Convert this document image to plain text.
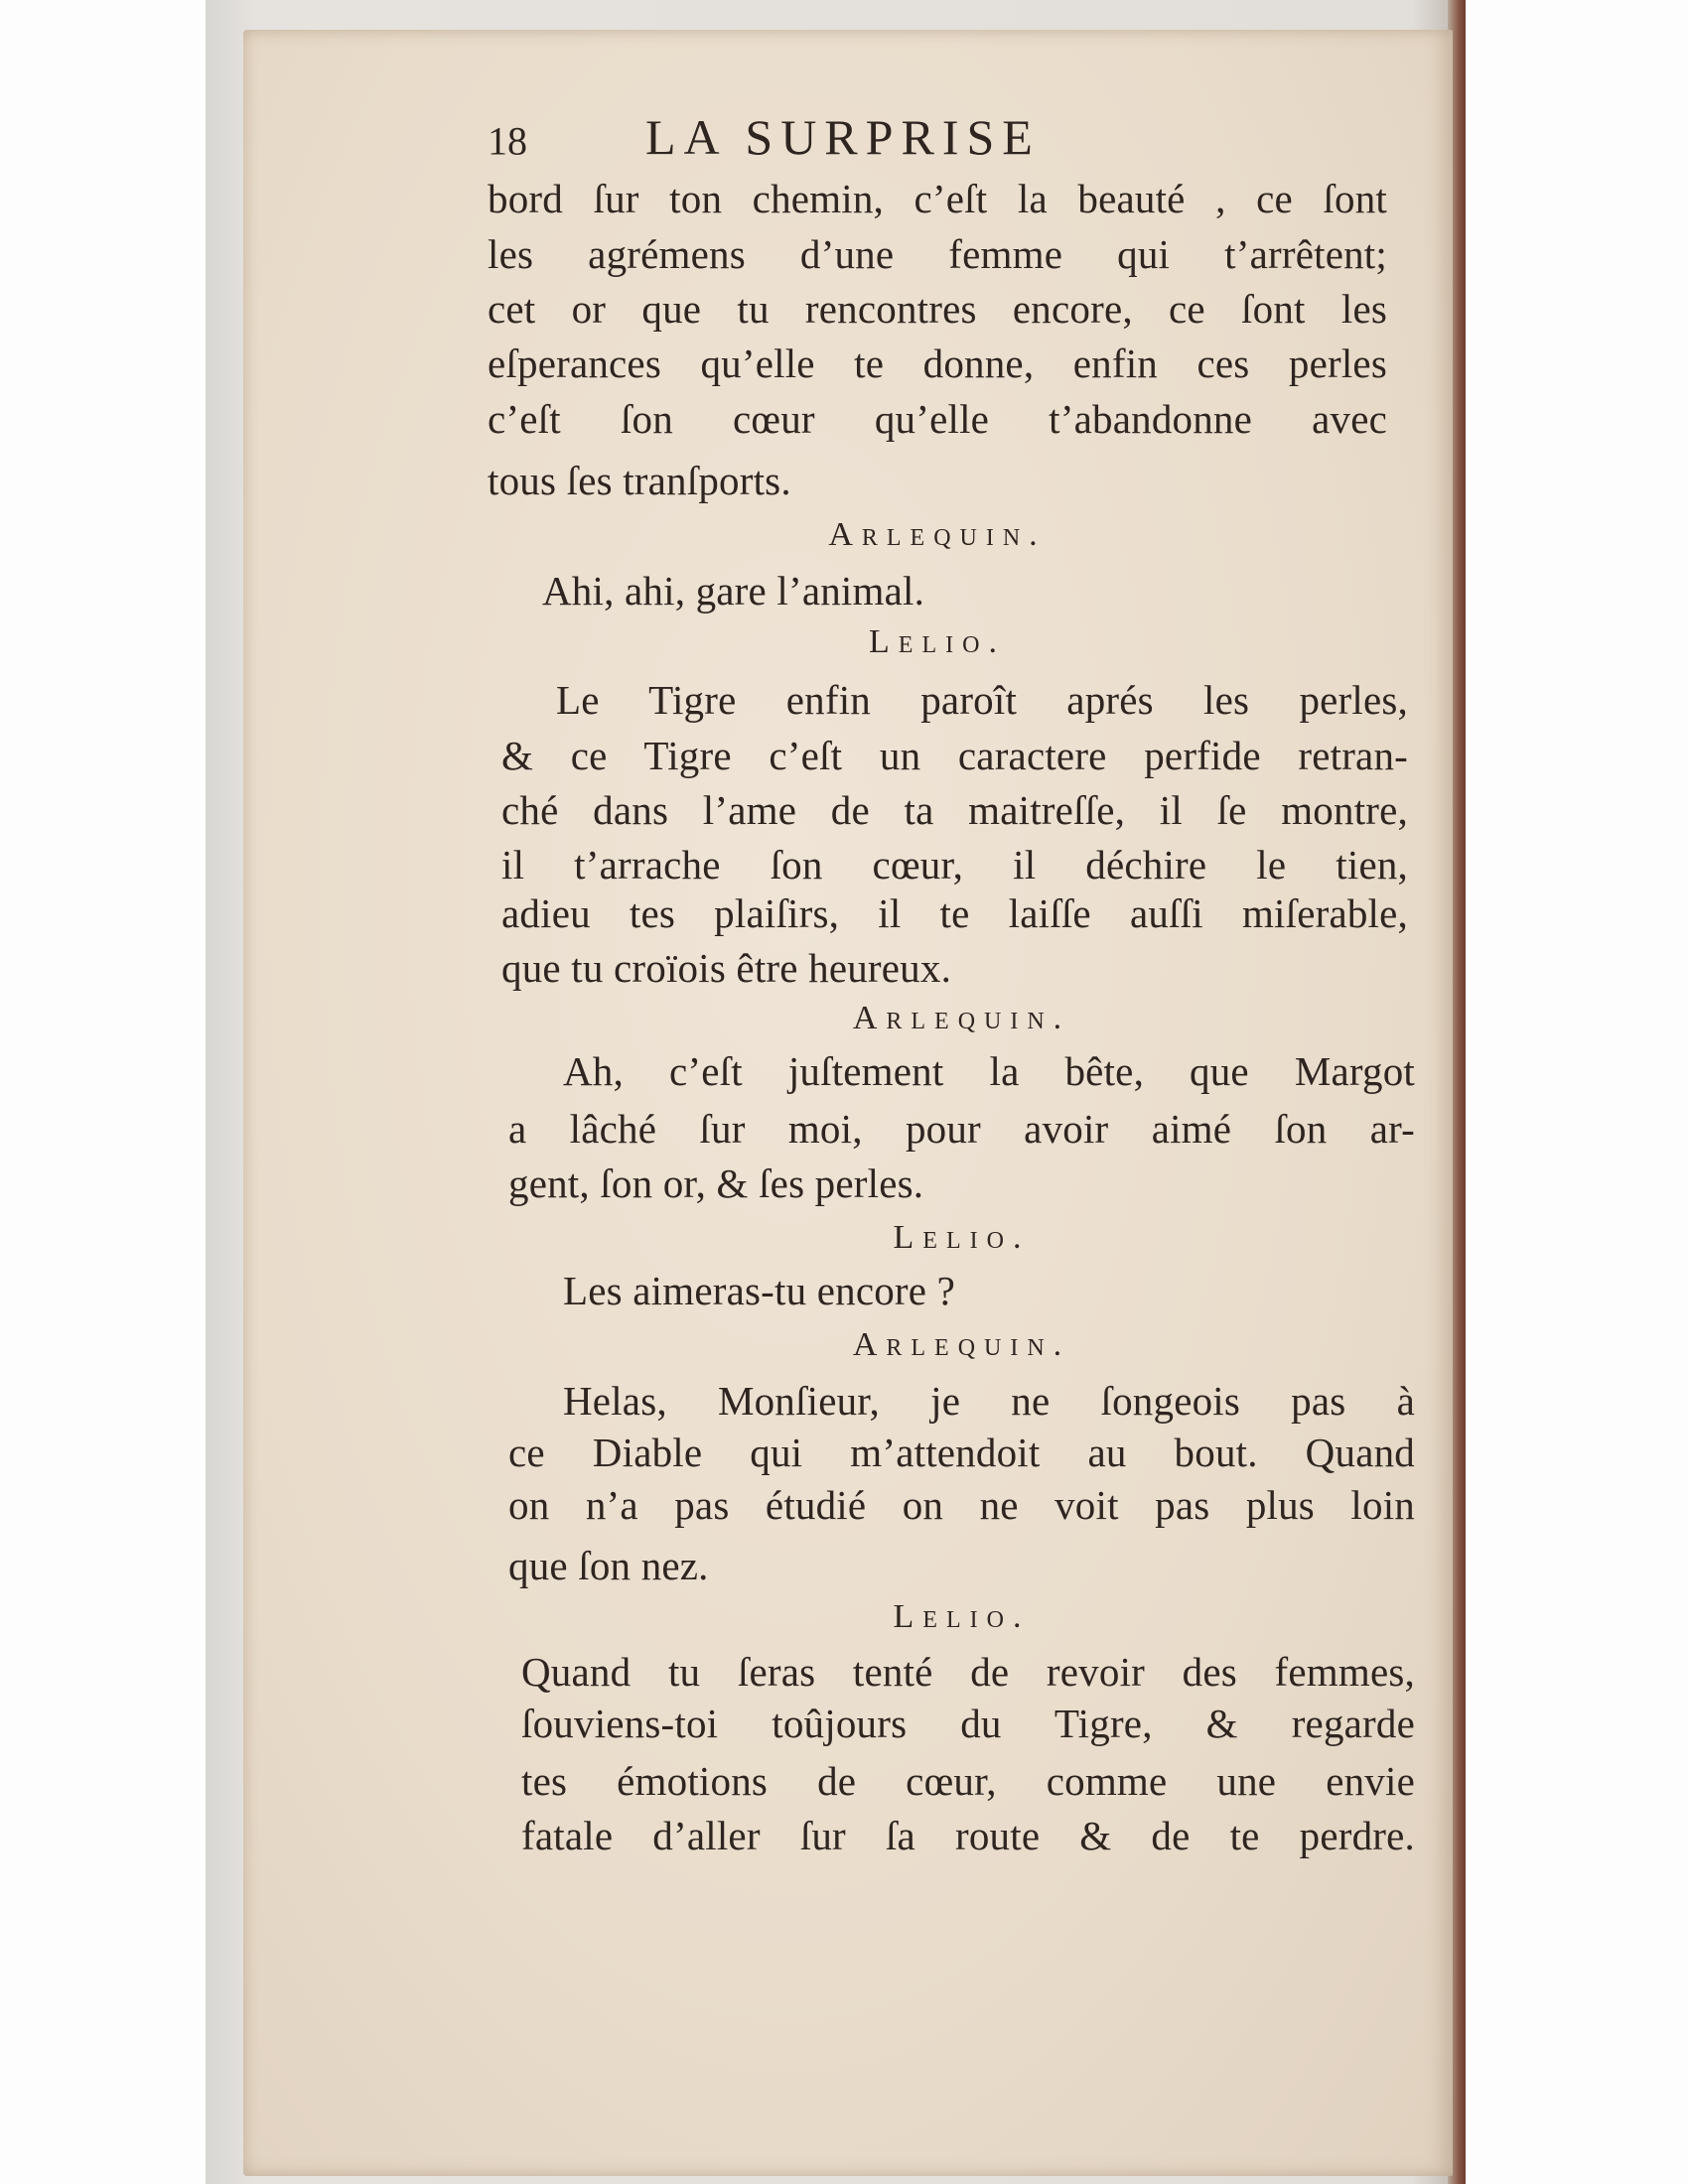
18 LA SURPRISE
bord ſur ton chemin, c’eſt la beauté , ce ſont
les agrémens d’une femme qui t’arrêtent;
cet or que tu rencontres encore, ce ſont les
eſperances qu’elle te donne, enfin ces perles
c’eſt ſon cœur qu’elle t’abandonne avec
tous ſes tranſports.
Arlequin.
Ahi, ahi, gare l’animal.
Lelio.
Le Tigre enfin paroît aprés les perles,
& ce Tigre c’eſt un caractere perfide retran-
ché dans l’ame de ta maitreſſe, il ſe montre,
il t’arrache ſon cœur, il déchire le tien,
adieu tes plaiſirs, il te laiſſe auſſi miſerable,
que tu croïois être heureux.
Arlequin.
Ah, c’eſt juſtement la bête, que Margot
a lâché ſur moi, pour avoir aimé ſon ar-
gent, ſon or, & ſes perles.
Lelio.
Les aimeras-tu encore ?
Arlequin.
Helas, Monſieur, je ne ſongeois pas à
ce Diable qui m’attendoit au bout. Quand
on n’a pas étudié on ne voit pas plus loin
que ſon nez.
Lelio.
Quand tu ſeras tenté de revoir des femmes,
ſouviens-toi toûjours du Tigre, & regarde
tes émotions de cœur, comme une envie
fatale d’aller ſur ſa route & de te perdre.
